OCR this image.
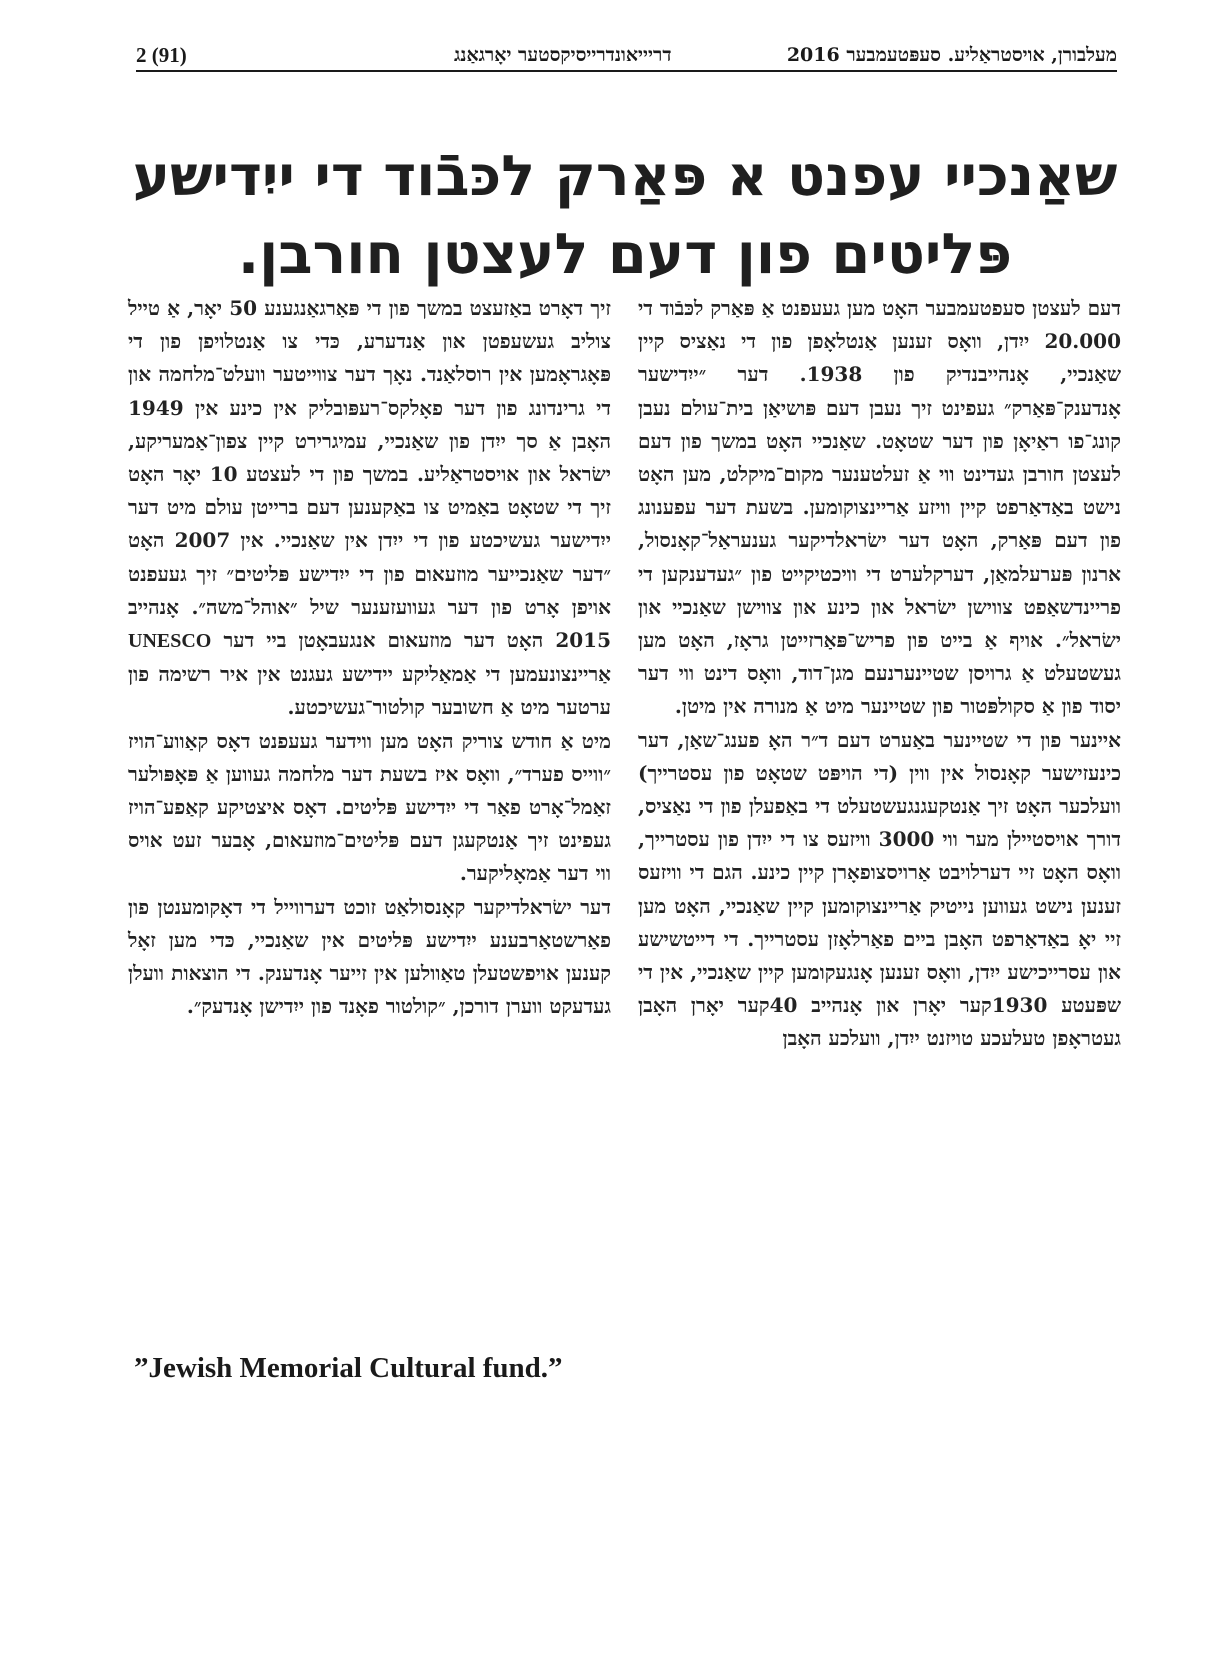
2 (91)	דריייאונדרייסיקסטער יאָרגאַנג	מעלבורן, אויסטראַליע. סעפּטעמבער 2016
שאַנכיי עפנט א פּאַרק לכּבֿוד די ייִדישע פּליטים פון דעם לעצטן חורבן.

דעם לעצטן סעפטעמבער האָט מען געעפנט אַ פּאַרק לכּבֿוד די 20.000 ייִדן, וואָס זענען אַנטלאָפן פון די נאַציס קיין שאַנכיי, אָנהייבנדיק פון 1938. דער ״ייִדישער אָנדענק־פּאַרק״ געפינט זיך נעבן דעם פּושיאַן בית־עולם נעבן קונג־פו ראַיאָן פון דער שטאָט. שאַנכיי האָט במשך פון דעם לעצטן חורבן געדינט ווי אַ זעלטענער מקום־מיקלט, מען האָט נישט באַדאַרפט קיין וויזע אַריינצוקומען. בשעת דער עפענונג פון דעם פּאַרק, האָט דער ישׂראלדיקער גענעראַל־קאָנסול, ארנון פּערעלמאַן, דערקלערט די וויכטיקייט פון ״געדענקען די פריינדשאַפט צווישן ישׂראל און כינע און צווישן שאַנכיי און ישׂראל״. אויף אַ בייט פון פריש־פּאַרזייטן גראָז, האָט מען געשטעלט אַ גרויסן שטיינערנעם מגן־דוד, וואָס דינט ווי דער יסוד פון אַ סקולפּטור פון שטיינער מיט אַ מנורה אין מיטן.

איינער פון די שטיינער באַערט דעם ד״ר האָ פענג־שאַן, דער כינעזישער קאָנסול אין ווין (די הויפּט שטאָט פון עסטרייך) וועלכער האָט זיך אַנטקעגנגעשטעלט די באַפעלן פון די נאַציס, דורך אויסטיילן מער ווי 3000 וויזעס צו די ייִדן פון עסטרייך, וואָס האָט זיי דערלויבט אַרויסצופאָרן קיין כינע. הגם די וויזעס זענען נישט געווען נייטיק אַריינצוקומען קיין שאַנכיי, האָט מען זיי יאָ באַדאַרפט האָבן ביים פאַרלאָזן עסטרייך. די דייטשישע און עסרייכישע ייִדן, וואָס זענען אָנגעקומען קיין שאַנכיי, אין די שפּעטע 1930קער יאָרן און אָנהייב 40קער יאָרן האָבן געטראָפן טעלעכע טויזנט ייִדן, וועלכע האָבן

זיך דאָרט באַזעצט במשך פון די פּאַרגאַנגענע 50 יאָר, אַ טייל צוליב געשעפטן און אַנדערע, כּדי צו אַנטלויפן פון די פּאָגראָמען אין רוסלאַנד. נאָך דער צווייטער וועלט־מלחמה און די גרינדונג פון דער פאָלקס־רעפּובליק אין כינע אין 1949 האָבן אַ סך ייִדן פון שאַנכיי, עמיגרירט קיין צפון־אַמעריקע, ישׂראל און אויסטראַליע. במשך פון די לעצטע 10 יאָר האָט זיך די שטאָט באַמיט צו באַקענען דעם ברייטן עולם מיט דער ייִדישער געשיכטע פון די ייִדן אין שאַנכיי. אין 2007 האָט ״דער שאַנכייער מוזעאום פון די ייִדישע פּליטים״ זיך געעפנט אויפן אָרט פון דער געוועזענער שיל ״אוהל־משה״. אָנהייב 2015 האָט דער מוזעאום אנגעבאָטן ביי דער UNESCO אַריינצונעמען די אַמאַליקע יידישע געגנט אין איר רשימה פון ערטער מיט אַ חשובער קולטור־געשיכטע.

מיט אַ חודש צוריק האָט מען ווידער געעפנט דאָס קאַווע־הויז ״ווייס פערד״, וואָס איז בשעת דער מלחמה געווען אַ פּאָפּולער זאַמל־אָרט פאַר די ייִדישע פּליטים. דאָס איצטיקע קאַפע־הויז געפינט זיך אַנטקעגן דעם פּליטים־מוזעאום, אָבער זעט אויס ווי דער אַמאָליקער.

דער ישׂראלדיקער קאָנסולאַט זוכט דערווייל די דאָקומענטן פון פאַרשטאַרבענע ייִדישע פּליטים אין שאַנכיי, כּדי מען זאָל קענען אויפשטעלן טאַוולען אין זייער אָנדענק. די הוצאות וועלן געדעקט ווערן דורכן, ״קולטור פאָנד פון ייִדישן אָנדעק״.

”Jewish Memorial Cultural fund.”
